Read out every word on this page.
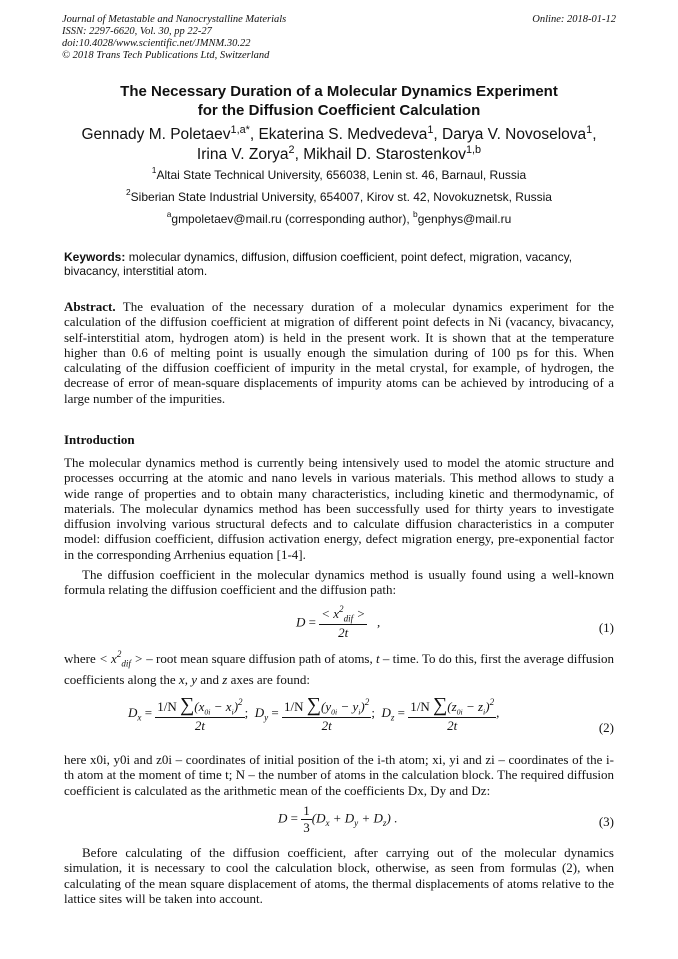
Journal of Metastable and Nanocrystalline Materials
ISSN: 2297-6620, Vol. 30, pp 22-27
doi:10.4028/www.scientific.net/JMNM.30.22
© 2018 Trans Tech Publications Ltd, Switzerland
Online: 2018-01-12
The Necessary Duration of a Molecular Dynamics Experiment
for the Diffusion Coefficient Calculation
Gennady M. Poletaev$^{1,a*}$, Ekaterina S. Medvedeva$^1$, Darya V. Novoselova$^1$,
Irina V. Zorya$^2$, Mikhail D. Starostenkov$^{1,b}$
$^1$Altai State Technical University, 656038, Lenin st. 46, Barnaul, Russia
$^2$Siberian State Industrial University, 654007, Kirov st. 42, Novokuznetsk, Russia
$^a$gmpoletaev@mail.ru (corresponding author), $^b$genphys@mail.ru
Keywords: molecular dynamics, diffusion, diffusion coefficient, point defect, migration, vacancy, bivacancy, interstitial atom.
Abstract. The evaluation of the necessary duration of a molecular dynamics experiment for the calculation of the diffusion coefficient at migration of different point defects in Ni (vacancy, bivacancy, self-interstitial atom, hydrogen atom) is held in the present work. It is shown that at the temperature higher than 0.6 of melting point is usually enough the simulation during of 100 ps for this. When calculating of the diffusion coefficient of impurity in the metal crystal, for example, of hydrogen, the decrease of error of mean-square displacements of impurity atoms can be achieved by introducing of a large number of the impurities.
Introduction
The molecular dynamics method is currently being intensively used to model the atomic structure and processes occurring at the atomic and nano levels in various materials. This method allows to study a wide range of properties and to obtain many characteristics, including kinetic and thermodynamic, of materials. The molecular dynamics method has been successfully used for thirty years to investigate diffusion involving various structural defects and to calculate diffusion characteristics in a computer model: diffusion coefficient, diffusion activation energy, defect migration energy, pre-exponential factor in the corresponding Arrhenius equation [1-4].
The diffusion coefficient in the molecular dynamics method is usually found using a well-known formula relating the diffusion coefficient and the diffusion path:
$D = \frac{< x^2_{dif} >}{2t}$ ,	(1)
where < $x^2_{dif}$ > – root mean square diffusion path of atoms, t – time. To do this, first the average diffusion coefficients along the x, y and z axes are found:
$D_x = \frac{1/N \sum(x_{0i} - x_i)^2}{2t}$ ;  $D_y = \frac{1/N \sum(y_{0i} - y_i)^2}{2t}$ ;  $D_z = \frac{1/N \sum(z_{0i} - z_i)^2}{2t}$ ,
(2)
here x0i, y0i and z0i – coordinates of initial position of the i-th atom; xi, yi and zi – coordinates of the i-th atom at the moment of time t; N – the number of atoms in the calculation block. The required diffusion coefficient is calculated as the arithmetic mean of the coefficients Dx, Dy and Dz:
$D = \frac{1}{3} (D_x + D_y + D_z)$ .	(3)
Before calculating of the diffusion coefficient, after carrying out of the molecular dynamics simulation, it is necessary to cool the calculation block, otherwise, as seen from formulas (2), when calculating of the mean square displacement of atoms, the thermal displacements of atoms relative to the lattice sites will be taken into account.
